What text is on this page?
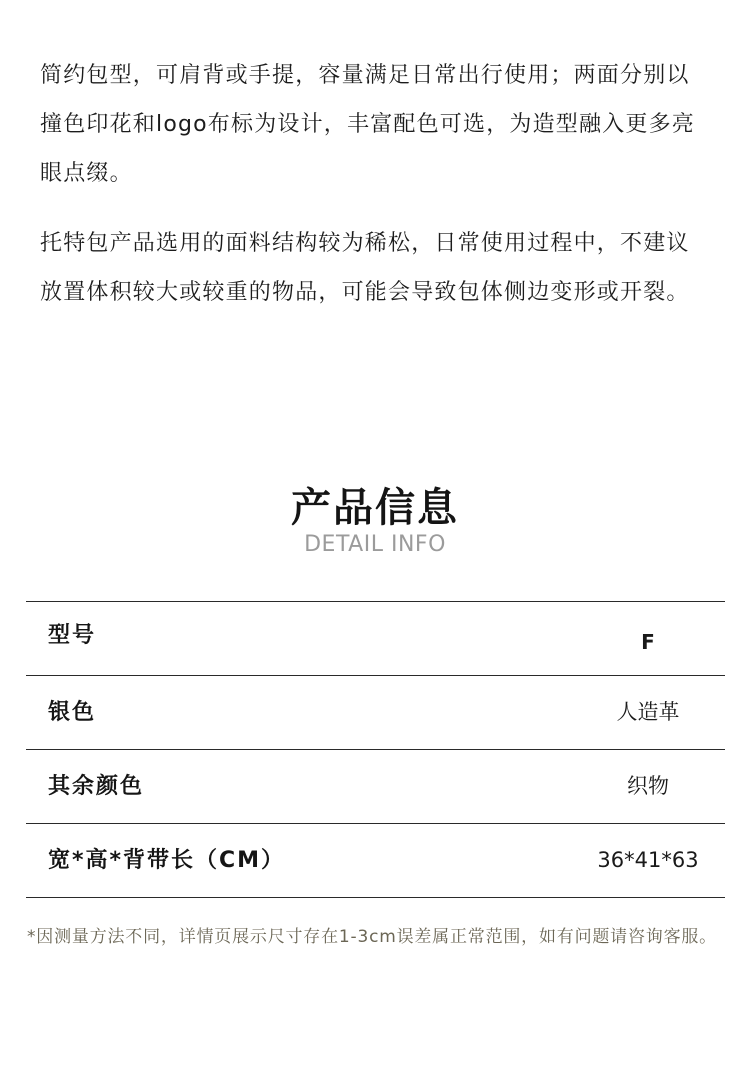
简约包型，可肩背或手提，容量满足日常出行使用；两面分别以撞色印花和logo布标为设计，丰富配色可选，为造型融入更多亮眼点缀。

托特包产品选用的面料结构较为稀松，日常使用过程中，不建议放置体积较大或较重的物品，可能会导致包体侧边变形或开裂。

产品信息
DETAIL INFO
型号	F
银色	人造革
其余颜色	织物
宽*高*背带长（CM）	36*41*63

*因测量方法不同，详情页展示尺寸存在1-3cm误差属正常范围，如有问题请咨询客服。
